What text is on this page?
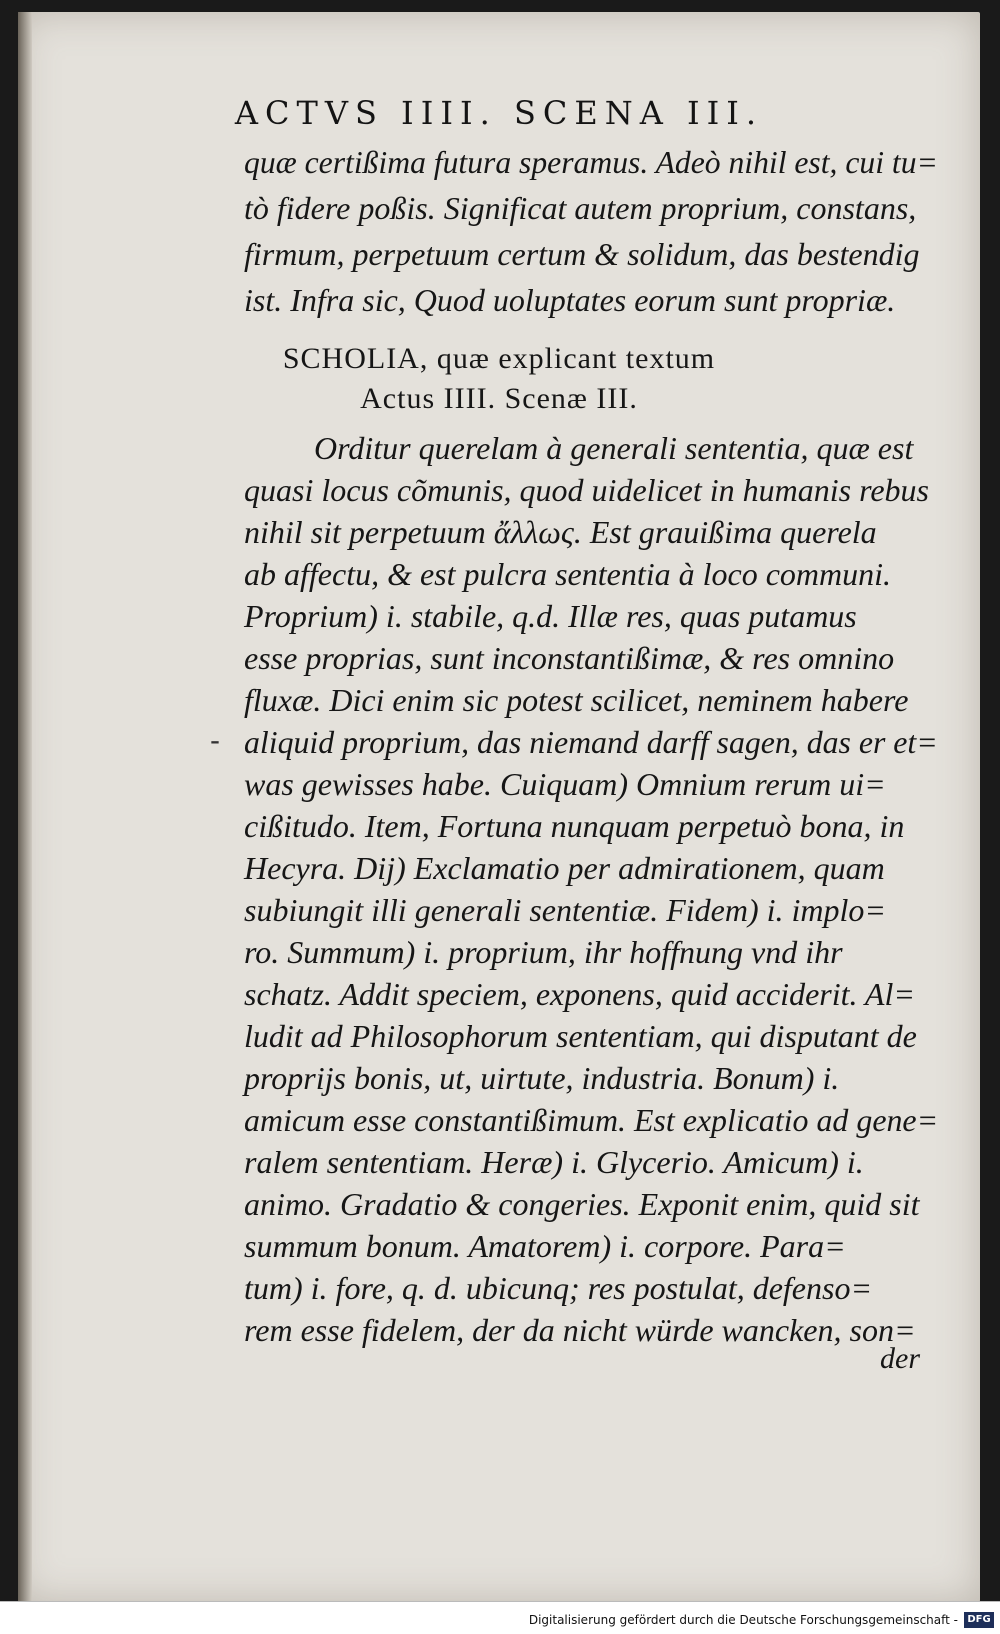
ACTVS IIII. SCENA III.
quæ certißima futura speramus. Adeò nihil est, cui tu=
tò fidere poßis. Significat autem proprium, constans,
firmum, perpetuum certum & solidum, das bestendig
ist. Infra sic, Quod uoluptates eorum sunt propriæ.
SCHOLIA, quæ explicant textum
Actus IIII. Scenæ III.
Orditur querelam à generali sententia, quæ est
quasi locus cõmunis, quod uidelicet in humanis rebus
nihil sit perpetuum ἄλλως. Est grauißima querela
ab affectu, & est pulcra sententia à loco communi.
Proprium) i. stabile, q.d. Illæ res, quas putamus
esse proprias, sunt inconstantißimæ, & res omnino
fluxæ. Dici enim sic potest scilicet, neminem habere
aliquid proprium, das niemand darff sagen, das er et=
was gewisses habe. Cuiquam) Omnium rerum ui=
cißitudo. Item, Fortuna nunquam perpetuò bona, in
Hecyra. Dij) Exclamatio per admirationem, quam
subiungit illi generali sententiæ. Fidem) i. implo=
ro. Summum) i. proprium, ihr hoffnung vnd ihr
schatz. Addit speciem, exponens, quid acciderit. Al=
ludit ad Philosophorum sententiam, qui disputant de
proprijs bonis, ut, uirtute, industria. Bonum) i.
amicum esse constantißimum. Est explicatio ad gene=
ralem sententiam. Heræ) i. Glycerio. Amicum) i.
animo. Gradatio & congeries. Exponit enim, quid sit
summum bonum. Amatorem) i. corpore. Para=
tum) i. fore, q. d. ubicunq; res postulat, defenso=
rem esse fidelem, der da nicht würde wancken, son=
der
-
Digitalisierung gefördert durch die Deutsche Forschungsgemeinschaft - DFG
